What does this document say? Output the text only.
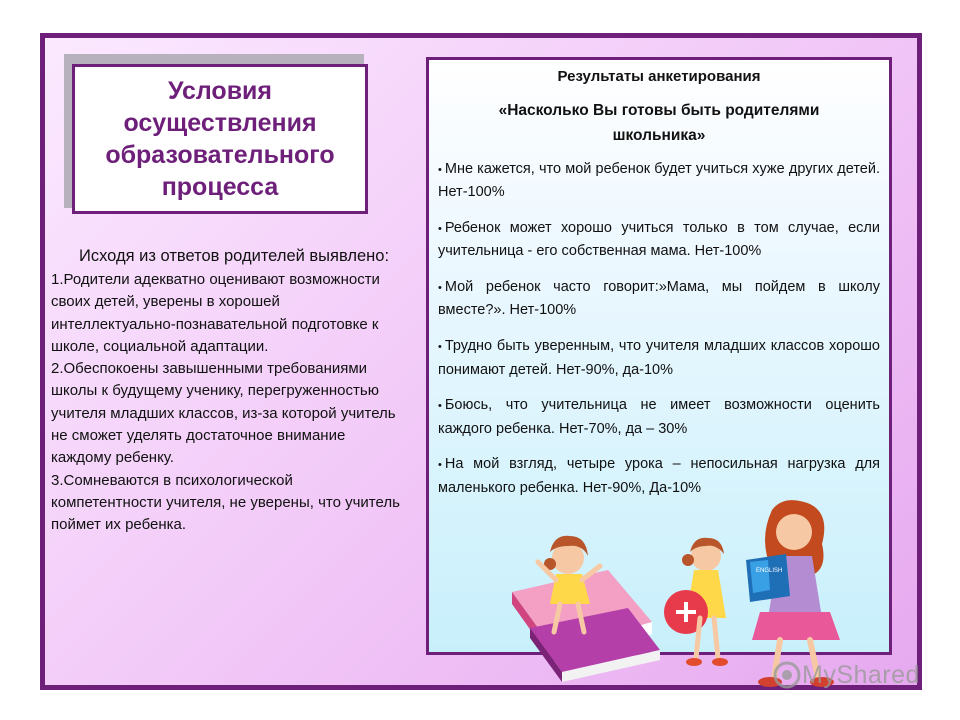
Условия
осуществления
образовательного
процесса

Исходя из ответов родителей выявлено:

1.Родители адекватно оценивают возможности своих детей, уверены в хорошей интеллектуально-познавательной подготовке к школе, социальной адаптации.

2.Обеспокоены завышенными требованиями школы к будущему ученику, перегруженностью учителя младших классов, из-за которой учитель не сможет уделять достаточное внимание каждому ребенку.

3.Сомневаются в психологической компетентности учителя, не уверены, что учитель поймет их ребенка.

Результаты анкетирования

«Насколько Вы готовы быть родителями
школьника»

• Мне кажется, что мой ребенок будет учиться хуже других детей. Нет-100%

• Ребенок может хорошо учиться только в том случае, если учительница - его собственная мама. Нет-100%

• Мой ребенок часто говорит:»Мама, мы пойдем в школу вместе?». Нет-100%

• Трудно быть уверенным, что учителя младших классов хорошо понимают детей. Нет-90%, да-10%

• Боюсь, что учительница не имеет возможности оценить каждого ребенка. Нет-70%, да – 30%

• На мой взгляд, четыре урока – непосильная нагрузка для маленького ребенка. Нет-90%, Да-10%

ENGLISH
MyShared
